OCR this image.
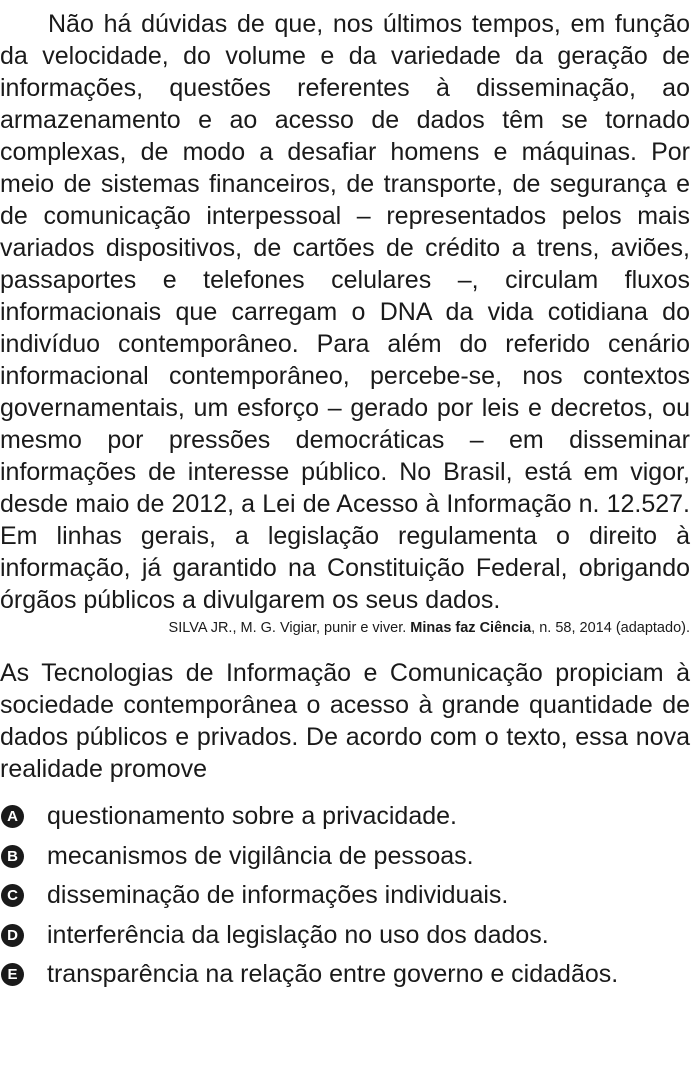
Não há dúvidas de que, nos últimos tempos, em função da velocidade, do volume e da variedade da geração de informações, questões referentes à disseminação, ao armazenamento e ao acesso de dados têm se tornado complexas, de modo a desafiar homens e máquinas. Por meio de sistemas financeiros, de transporte, de segurança e de comunicação interpessoal – representados pelos mais variados dispositivos, de cartões de crédito a trens, aviões, passaportes e telefones celulares –, circulam fluxos informacionais que carregam o DNA da vida cotidiana do indivíduo contemporâneo. Para além do referido cenário informacional contemporâneo, percebe-se, nos contextos governamentais, um esforço – gerado por leis e decretos, ou mesmo por pressões democráticas – em disseminar informações de interesse público. No Brasil, está em vigor, desde maio de 2012, a Lei de Acesso à Informação n. 12.527. Em linhas gerais, a legislação regulamenta o direito à informação, já garantido na Constituição Federal, obrigando órgãos públicos a divulgarem os seus dados.

SILVA JR., M. G. Vigiar, punir e viver. Minas faz Ciência, n. 58, 2014 (adaptado).

As Tecnologias de Informação e Comunicação propiciam à sociedade contemporânea o acesso à grande quantidade de dados públicos e privados. De acordo com o texto, essa nova realidade promove

A questionamento sobre a privacidade.
B mecanismos de vigilância de pessoas.
C disseminação de informações individuais.
D interferência da legislação no uso dos dados.
E transparência na relação entre governo e cidadãos.
